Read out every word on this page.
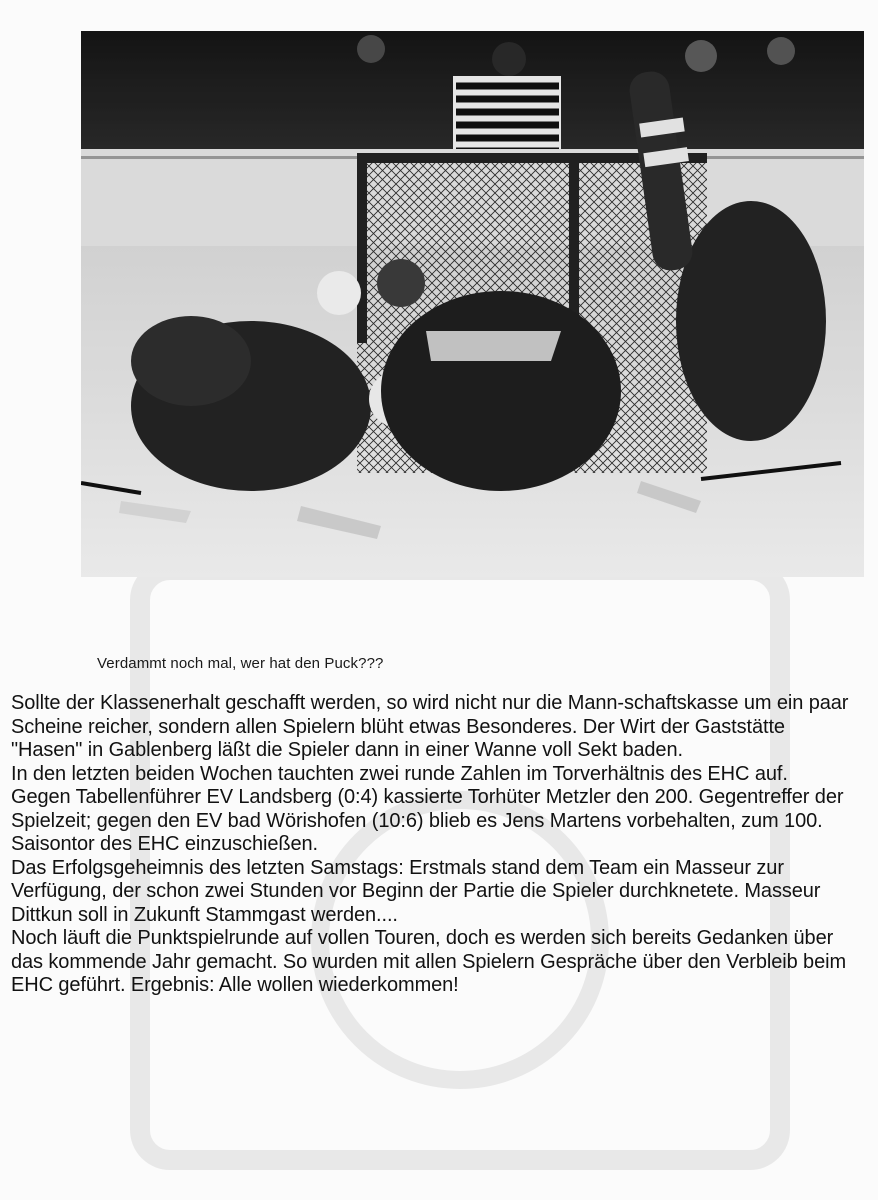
Verdammt noch mal, wer hat den Puck???

Sollte der Klassenerhalt geschafft werden, so wird nicht nur die Mann-schaftskasse um ein paar Scheine reicher, sondern allen Spielern blüht etwas Besonderes. Der Wirt der Gaststätte "Hasen" in Gablenberg läßt die Spieler dann in einer Wanne voll Sekt baden.

In den letzten beiden Wochen tauchten zwei runde Zahlen im Torverhältnis des EHC auf. Gegen Tabellenführer EV Landsberg (0:4) kassierte Torhüter Metzler den 200. Gegentreffer der Spielzeit; gegen den EV bad Wörishofen (10:6) blieb es Jens Martens vorbehalten, zum 100. Saisontor des EHC einzuschießen.

Das Erfolgsgeheimnis des letzten Samstags: Erstmals stand dem Team ein Masseur zur Verfügung, der schon zwei Stunden vor Beginn der Partie die Spieler durchknetete. Masseur Dittkun soll in Zukunft Stammgast werden....

Noch läuft die Punktspielrunde auf vollen Touren, doch es werden sich bereits Gedanken über das kommende Jahr gemacht. So wurden mit allen Spielern Gespräche über den Verbleib beim EHC geführt. Ergebnis: Alle wollen wiederkommen!
